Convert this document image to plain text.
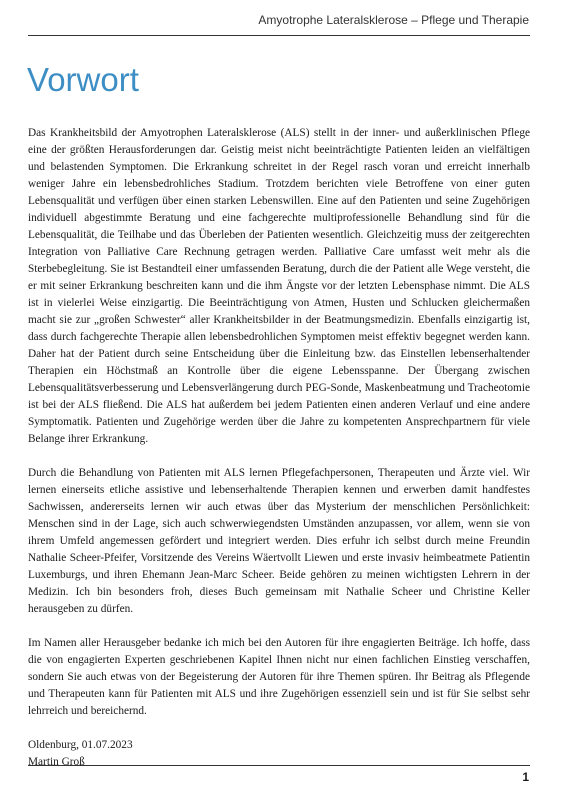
Amyotrophe Lateralsklerose – Pflege und Therapie
Vorwort

Das Krankheitsbild der Amyotrophen Lateralsklerose (ALS) stellt in der inner- und außerklinischen Pflege eine der größten Herausforderungen dar. Geistig meist nicht beeinträchtigte Patienten leiden an vielfältigen und belastenden Symptomen. Die Erkrankung schreitet in der Regel rasch voran und erreicht innerhalb weniger Jahre ein lebensbedrohliches Stadium. Trotzdem berichten viele Betroffene von einer guten Lebensqualität und verfügen über einen starken Lebenswillen. Eine auf den Patienten und seine Zugehörigen individuell abgestimmte Beratung und eine fachgerechte multiprofessionelle Behandlung sind für die Lebensqualität, die Teilhabe und das Überleben der Patienten wesentlich. Gleichzeitig muss der zeitgerechten Integration von Palliative Care Rechnung getragen werden. Palliative Care umfasst weit mehr als die Sterbebegleitung. Sie ist Bestandteil einer umfassenden Beratung, durch die der Patient alle Wege versteht, die er mit seiner Erkrankung beschreiten kann und die ihm Ängste vor der letzten Lebensphase nimmt. Die ALS ist in vielerlei Weise einzigartig. Die Beeinträchtigung von Atmen, Husten und Schlucken gleichermaßen macht sie zur „großen Schwester“ aller Krankheitsbilder in der Beatmungsmedizin. Ebenfalls einzigartig ist, dass durch fachgerechte Therapie allen lebensbedrohlichen Symptomen meist effektiv begegnet werden kann. Daher hat der Patient durch seine Entscheidung über die Einleitung bzw. das Einstellen lebenserhaltender Therapien ein Höchstmaß an Kontrolle über die eigene Lebensspanne. Der Übergang zwischen Lebensqualitätsverbesserung und Lebensverlängerung durch PEG-Sonde, Maskenbeatmung und Tracheotomie ist bei der ALS fließend. Die ALS hat außerdem bei jedem Patienten einen anderen Verlauf und eine andere Symptomatik. Patienten und Zugehörige werden über die Jahre zu kompetenten Ansprechpartnern für viele Belange ihrer Erkrankung.

Durch die Behandlung von Patienten mit ALS lernen Pflegefachpersonen, Therapeuten und Ärzte viel. Wir lernen einerseits etliche assistive und lebenserhaltende Therapien kennen und erwerben damit handfestes Sachwissen, andererseits lernen wir auch etwas über das Mysterium der menschlichen Persönlichkeit: Menschen sind in der Lage, sich auch schwerwiegendsten Umständen anzupassen, vor allem, wenn sie von ihrem Umfeld angemessen gefördert und integriert werden. Dies erfuhr ich selbst durch meine Freundin Nathalie Scheer-Pfeifer, Vorsitzende des Vereins Wäertvollt Liewen und erste invasiv heimbeatmete Patientin Luxemburgs, und ihren Ehemann Jean-Marc Scheer. Beide gehören zu meinen wichtigsten Lehrern in der Medizin. Ich bin besonders froh, dieses Buch gemeinsam mit Nathalie Scheer und Christine Keller herausgeben zu dürfen.

Im Namen aller Herausgeber bedanke ich mich bei den Autoren für ihre engagierten Beiträge. Ich hoffe, dass die von engagierten Experten geschriebenen Kapitel Ihnen nicht nur einen fachlichen Einstieg verschaffen, sondern Sie auch etwas von der Begeisterung der Autoren für ihre Themen spüren. Ihr Beitrag als Pflegende und Therapeuten kann für Patienten mit ALS und ihre Zugehörigen essenziell sein und ist für Sie selbst sehr lehrreich und bereichernd.

Oldenburg, 01.07.2023
Martin Groß
1
